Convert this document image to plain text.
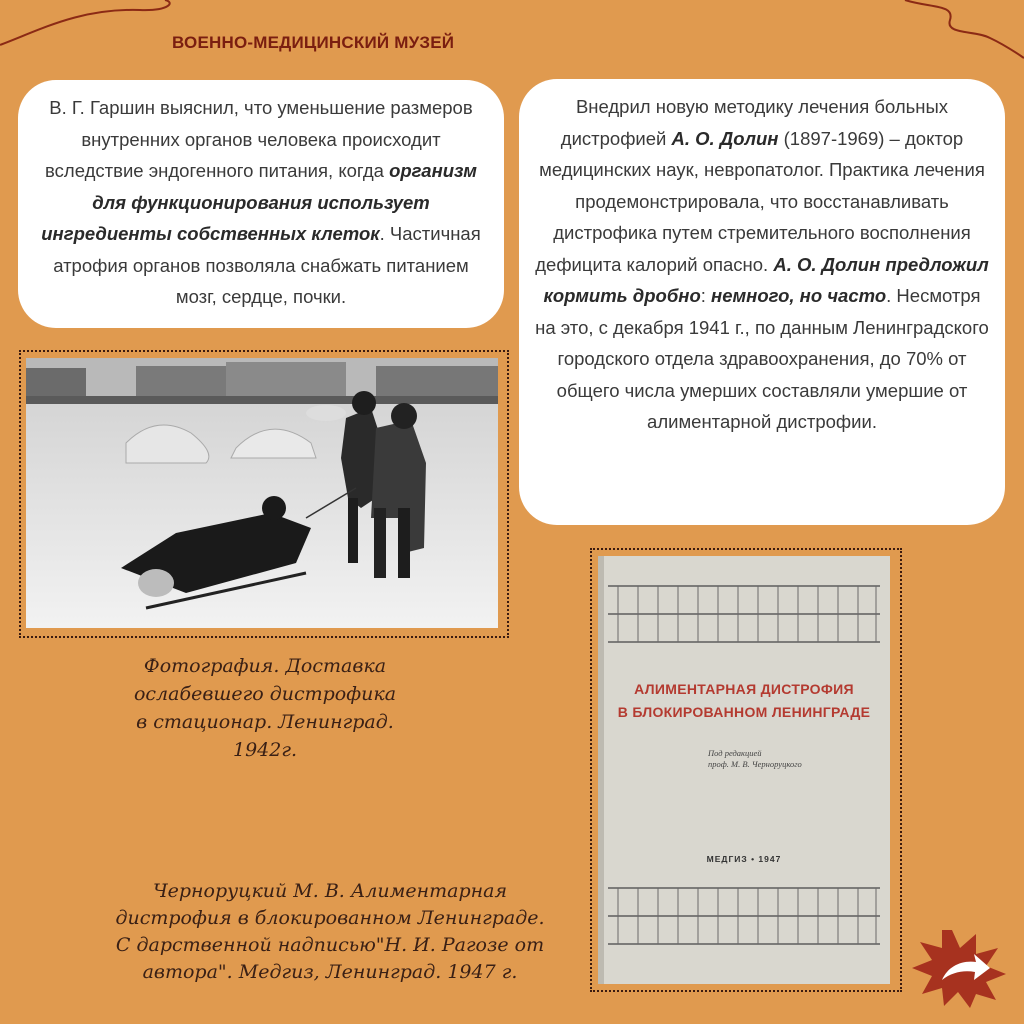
ВОЕННО-МЕДИЦИНСКИЙ МУЗЕЙ
В. Г. Гаршин выяснил, что уменьшение размеров внутренних органов человека происходит вследствие эндогенного питания, когда организм для функционирования использует ингредиенты собственных клеток. Частичная атрофия органов позволяла снабжать питанием мозг, сердце, почки.
Внедрил новую методику лечения больных дистрофией А. О. Долин (1897-1969) – доктор медицинских наук, невропатолог. Практика лечения продемонстрировала, что восстанавливать дистрофика путем стремительного восполнения дефицита калорий опасно. А. О. Долин предложил кормить дробно: немного, но часто. Несмотря на это, с декабря 1941 г., по данным Ленинградского городского отдела здравоохранения, до 70% от общего числа умерших составляли умершие от алиментарной дистрофии.
Фотография. Доставка
ослабевшего дистрофика
в стационар. Ленинград.
1942г.
АЛИМЕНТАРНАЯ ДИСТРОФИЯ
В БЛОКИРОВАННОМ ЛЕНИНГРАДЕ
Под редакцией
проф. М. В. Черноруцкого
МЕДГИЗ • 1947
Черноруцкий М. В. Алиментарная
дистрофия в блокированном Ленинграде.
С дарственной надписью"Н. И. Рагозе от
автора". Медгиз, Ленинград. 1947 г.
